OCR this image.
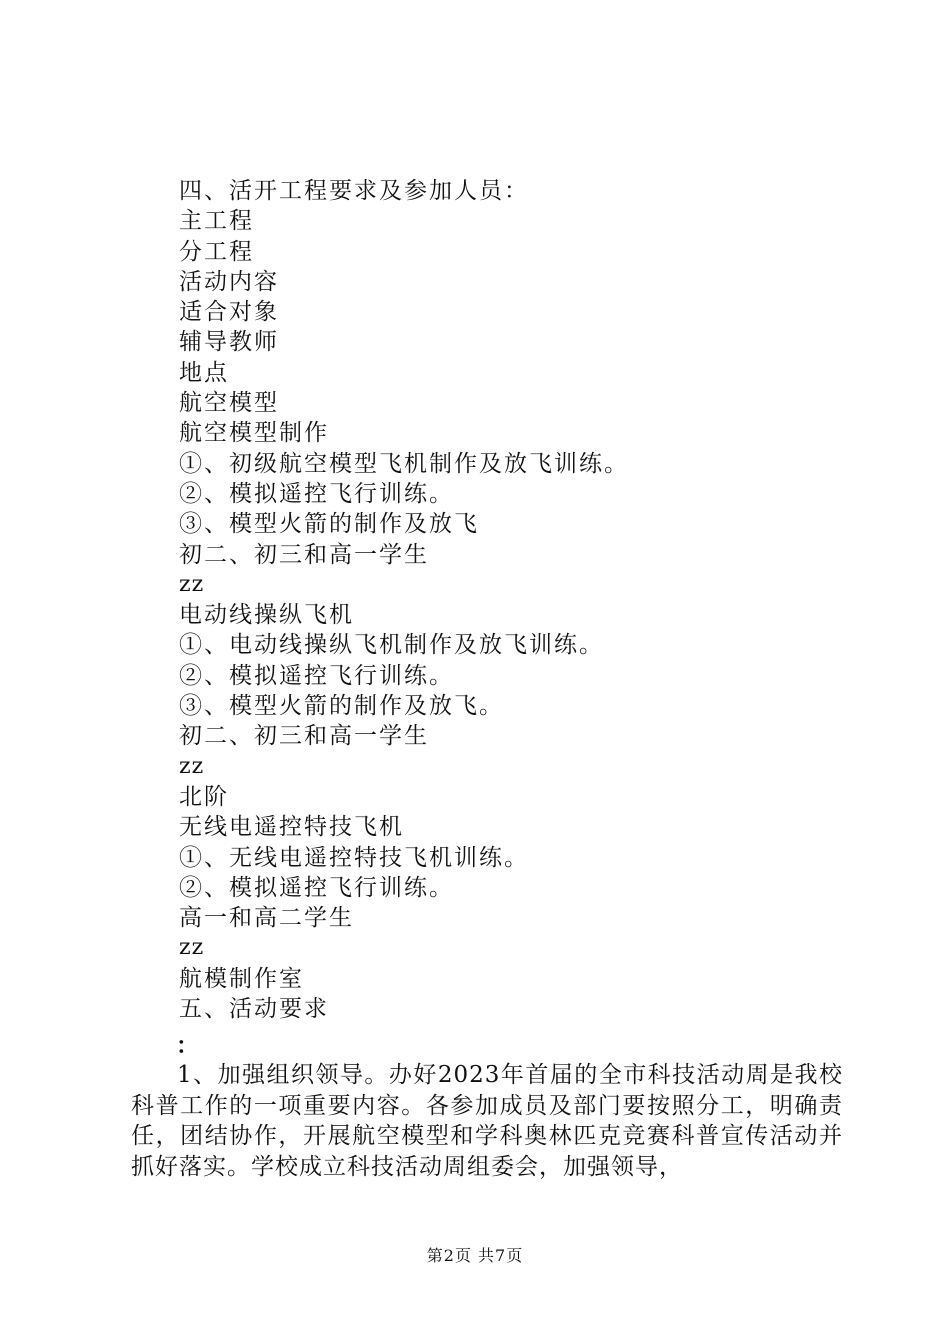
四、活开工程要求及参加人员：
主工程
分工程
活动内容
适合对象
辅导教师
地点
航空模型
航空模型制作
①、初级航空模型飞机制作及放飞训练。
②、模拟遥控飞行训练。
③、模型火箭的制作及放飞
初二、初三和高一学生
zz
电动线操纵飞机
①、电动线操纵飞机制作及放飞训练。
②、模拟遥控飞行训练。
③、模型火箭的制作及放飞。
初二、初三和高一学生
zz
北阶
无线电遥控特技飞机
①、无线电遥控特技飞机训练。
②、模拟遥控飞行训练。
高一和高二学生
zz
航模制作室
五、活动要求
：
1、加强组织领导。办好2023年首届的全市科技活动周是我校科普工作的一项重要内容。各参加成员及部门要按照分工，明确责任，团结协作，开展航空模型和学科奥林匹克竞赛科普宣传活动并抓好落实。学校成立科技活动周组委会，加强领导，
第2页 共7页
